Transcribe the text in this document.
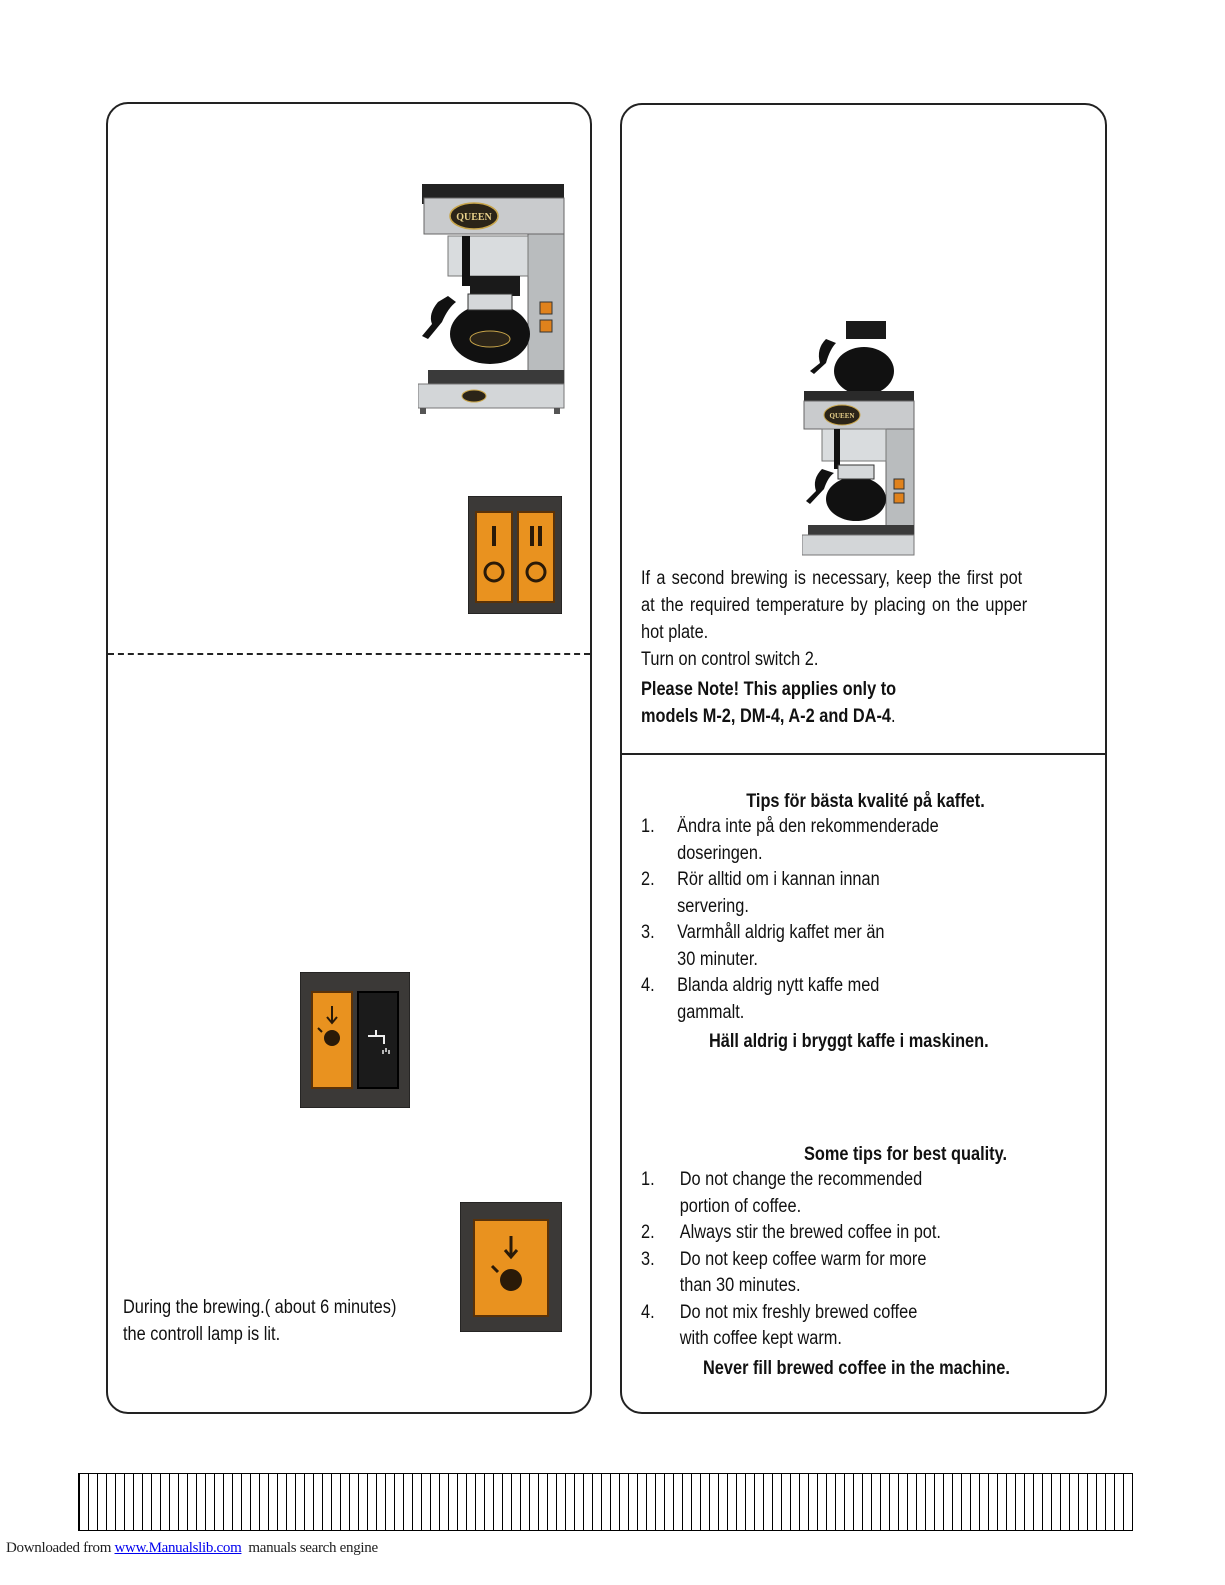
QUEEN
During the brewing.( about 6 minutes)
the controll lamp is lit.
QUEEN
If a second brewing is necessary, keep the first pot
at the required temperature by placing on the upper
hot plate.
Turn on control switch 2.
Please Note! This applies only to
models M-2, DM-4, A-2 and DA-4.
Tips för bästa kvalité på kaffet.
1. Ändra inte på den rekommenderade
doseringen.
2. Rör alltid om i kannan innan
servering.
3. Varmhåll aldrig kaffet mer än
30 minuter.
4. Blanda aldrig nytt kaffe med
gammalt.
Häll aldrig i bryggt kaffe i maskinen.
Some tips for best quality.
1. Do not change the recommended
portion of coffee.
2. Always stir the brewed coffee in pot.
3. Do not keep coffee warm for more
than 30 minutes.
4. Do not mix freshly brewed coffee
with coffee kept warm.
Never fill brewed coffee in the machine.
Downloaded from www.Manualslib.com  manuals search engine
